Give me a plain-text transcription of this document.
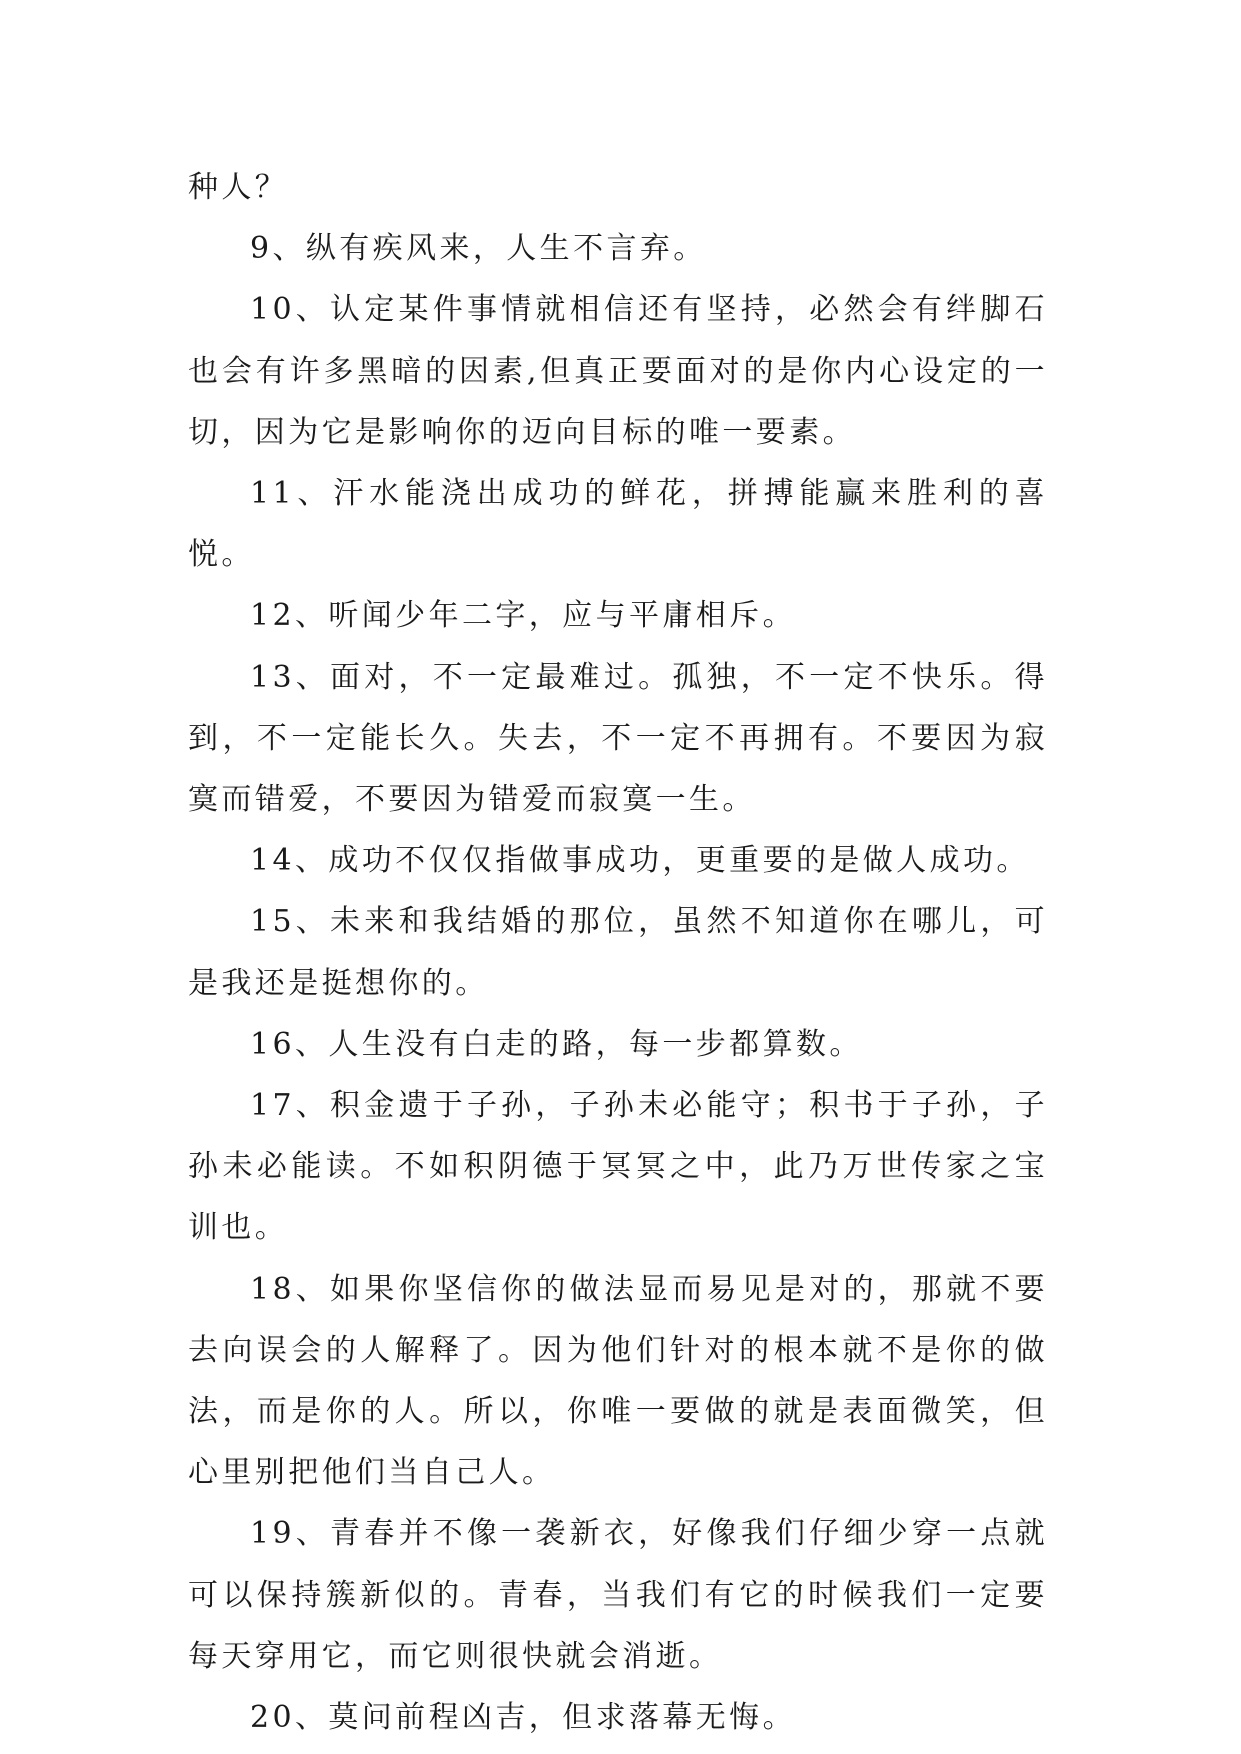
种人？

9、纵有疾风来，人生不言弃。

10、认定某件事情就相信还有坚持，必然会有绊脚石也会有许多黑暗的因素,但真正要面对的是你内心设定的一切，因为它是影响你的迈向目标的唯一要素。

11、汗水能浇出成功的鲜花，拼搏能赢来胜利的喜悦。

12、听闻少年二字，应与平庸相斥。

13、面对，不一定最难过。孤独，不一定不快乐。得到，不一定能长久。失去，不一定不再拥有。不要因为寂寞而错爱，不要因为错爱而寂寞一生。

14、成功不仅仅指做事成功，更重要的是做人成功。

15、未来和我结婚的那位，虽然不知道你在哪儿，可是我还是挺想你的。

16、人生没有白走的路，每一步都算数。

17、积金遗于子孙，子孙未必能守；积书于子孙，子孙未必能读。不如积阴德于冥冥之中，此乃万世传家之宝训也。

18、如果你坚信你的做法显而易见是对的，那就不要去向误会的人解释了。因为他们针对的根本就不是你的做法，而是你的人。所以，你唯一要做的就是表面微笑，但心里别把他们当自己人。

19、青春并不像一袭新衣，好像我们仔细少穿一点就可以保持簇新似的。青春，当我们有它的时候我们一定要每天穿用它，而它则很快就会消逝。

20、莫问前程凶吉，但求落幕无悔。
